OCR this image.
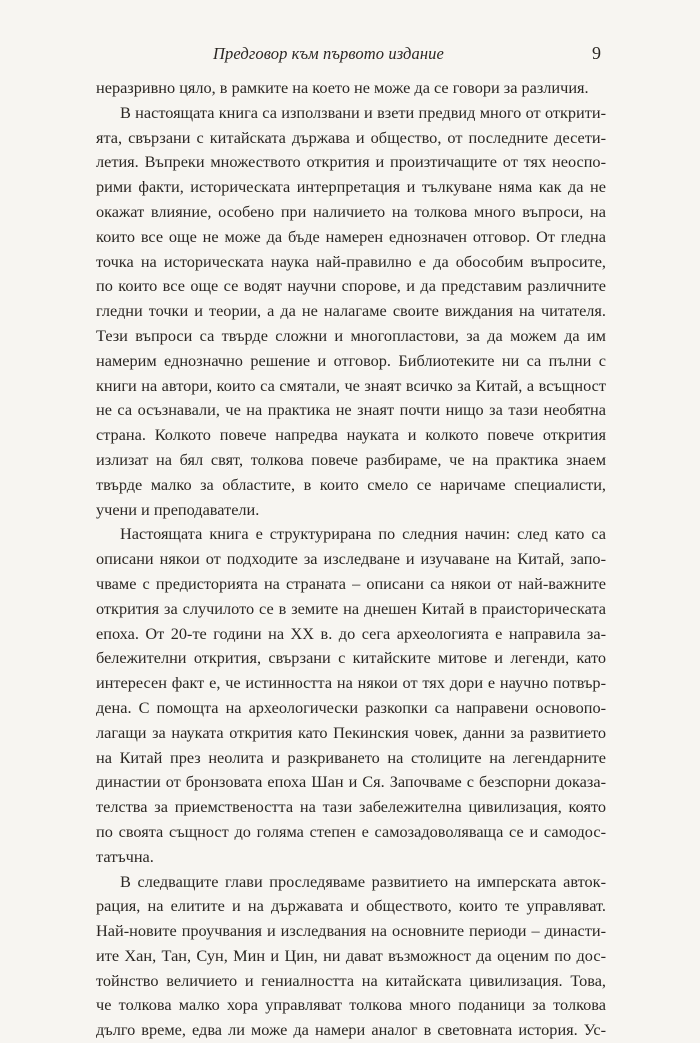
Предговор към първото издание	9
неразривно цяло, в рамките на което не може да се говори за различия.
В настоящата книга са използвани и взети предвид много от открити-
ята, свързани с китайската държава и общество, от последните десети-
летия. Въпреки множеството открития и произтичащите от тях неоспо-
рими факти, историческата интерпретация и тълкуване няма как да не
окажат влияние, особено при наличието на толкова много въпроси, на
които все още не може да бъде намерен еднозначен отговор. От гледна
точка на историческата наука най-правилно е да обособим въпросите,
по които все още се водят научни спорове, и да представим различните
гледни точки и теории, а да не налагаме своите виждания на читателя.
Тези въпроси са твърде сложни и многопластови, за да можем да им
намерим еднозначно решение и отговор. Библиотеките ни са пълни с
книги на автори, които са смятали, че знаят всичко за Китай, а всъщност
не са осъзнавали, че на практика не знаят почти нищо за тази необятна
страна. Колкото повече напредва науката и колкото повече открития
излизат на бял свят, толкова повече разбираме, че на практика знаем
твърде малко за областите, в които смело се наричаме специалисти,
учени и преподаватели.
Настоящата книга е структурирана по следния начин: след като са
описани някои от подходите за изследване и изучаване на Китай, запо-
чваме с предисторията на страната – описани са някои от най-важните
открития за случилото се в земите на днешен Китай в праисторическата
епоха. От 20-те години на XX в. до сега археологията е направила за-
бележителни открития, свързани с китайските митове и легенди, като
интересен факт е, че истинността на някои от тях дори е научно потвър-
дена. С помощта на археологически разкопки са направени основопо-
лагащи за науката открития като Пекинския човек, данни за развитието
на Китай през неолита и разкриването на столиците на легендарните
династии от бронзовата епоха Шан и Ся. Започваме с безспорни доказа-
телства за приемствеността на тази забележителна цивилизация, която
по своята същност до голяма степен е самозадоволяваща се и самодос-
татъчна.
В следващите глави проследяваме развитието на имперската авток-
рация, на елитите и на държавата и обществото, които те управляват.
Най-новите проучвания и изследвания на основните периоди – династи-
ите Хан, Тан, Сун, Мин и Цин, ни дават възможност да оценим по дос-
тойнство величието и гениалността на китайската цивилизация. Това,
че толкова малко хора управляват толкова много поданици за толкова
дълго време, едва ли може да намери аналог в световната история. Ус-
